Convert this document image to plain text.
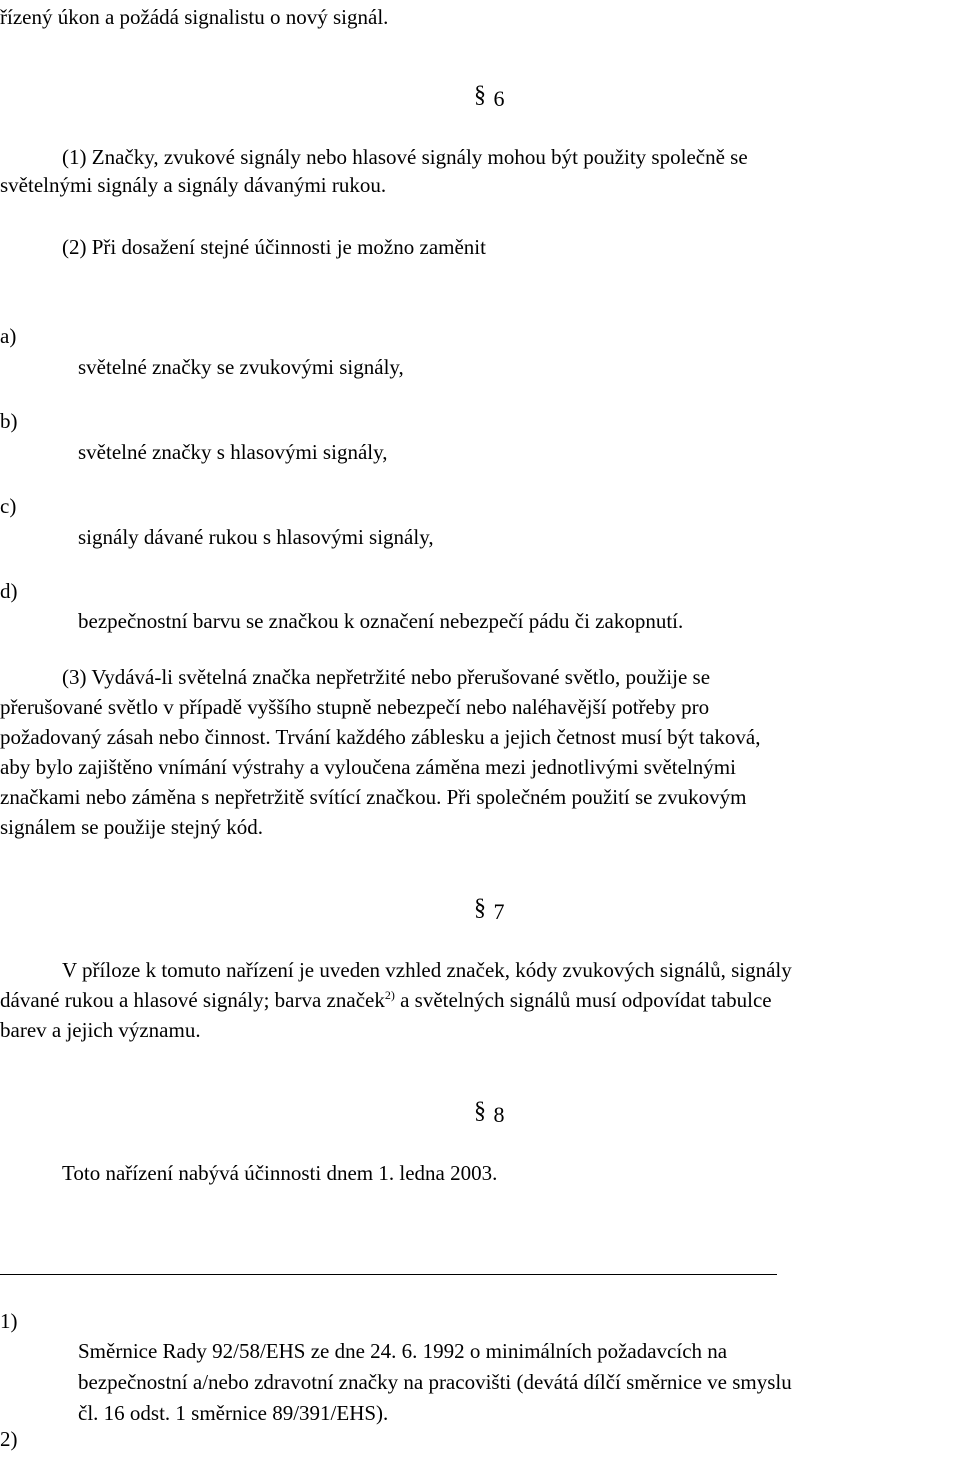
řízený úkon a požádá signalistu o nový signál.
§ 6
(1) Značky, zvukové signály nebo hlasové signály mohou být použity společně se
světelnými signály a signály dávanými rukou.
(2) Při dosažení stejné účinnosti je možno zaměnit
a)
světelné značky se zvukovými signály,
b)
světelné značky s hlasovými signály,
c)
signály dávané rukou s hlasovými signály,
d)
bezpečnostní barvu se značkou k označení nebezpečí pádu či zakopnutí.
(3) Vydává-li světelná značka nepřetržité nebo přerušované světlo, použije se
přerušované světlo v případě vyššího stupně nebezpečí nebo naléhavější potřeby pro
požadovaný zásah nebo činnost. Trvání každého záblesku a jejich četnost musí být taková,
aby bylo zajištěno vnímání výstrahy a vyloučena záměna mezi jednotlivými světelnými
značkami nebo záměna s nepřetržitě svítící značkou. Při společném použití se zvukovým
signálem se použije stejný kód.
§ 7
V příloze k tomuto nařízení je uveden vzhled značek, kódy zvukových signálů, signály
dávané rukou a hlasové signály; barva značek$^{2)}$ a světelných signálů musí odpovídat tabulce
barev a jejich významu.
§ 8
Toto nařízení nabývá účinnosti dnem 1. ledna 2003.
1)
Směrnice Rady 92/58/EHS ze dne 24. 6. 1992 o minimálních požadavcích na
bezpečnostní a/nebo zdravotní značky na pracovišti (devátá dílčí směrnice ve smyslu
čl. 16 odst. 1 směrnice 89/391/EHS).
2)
